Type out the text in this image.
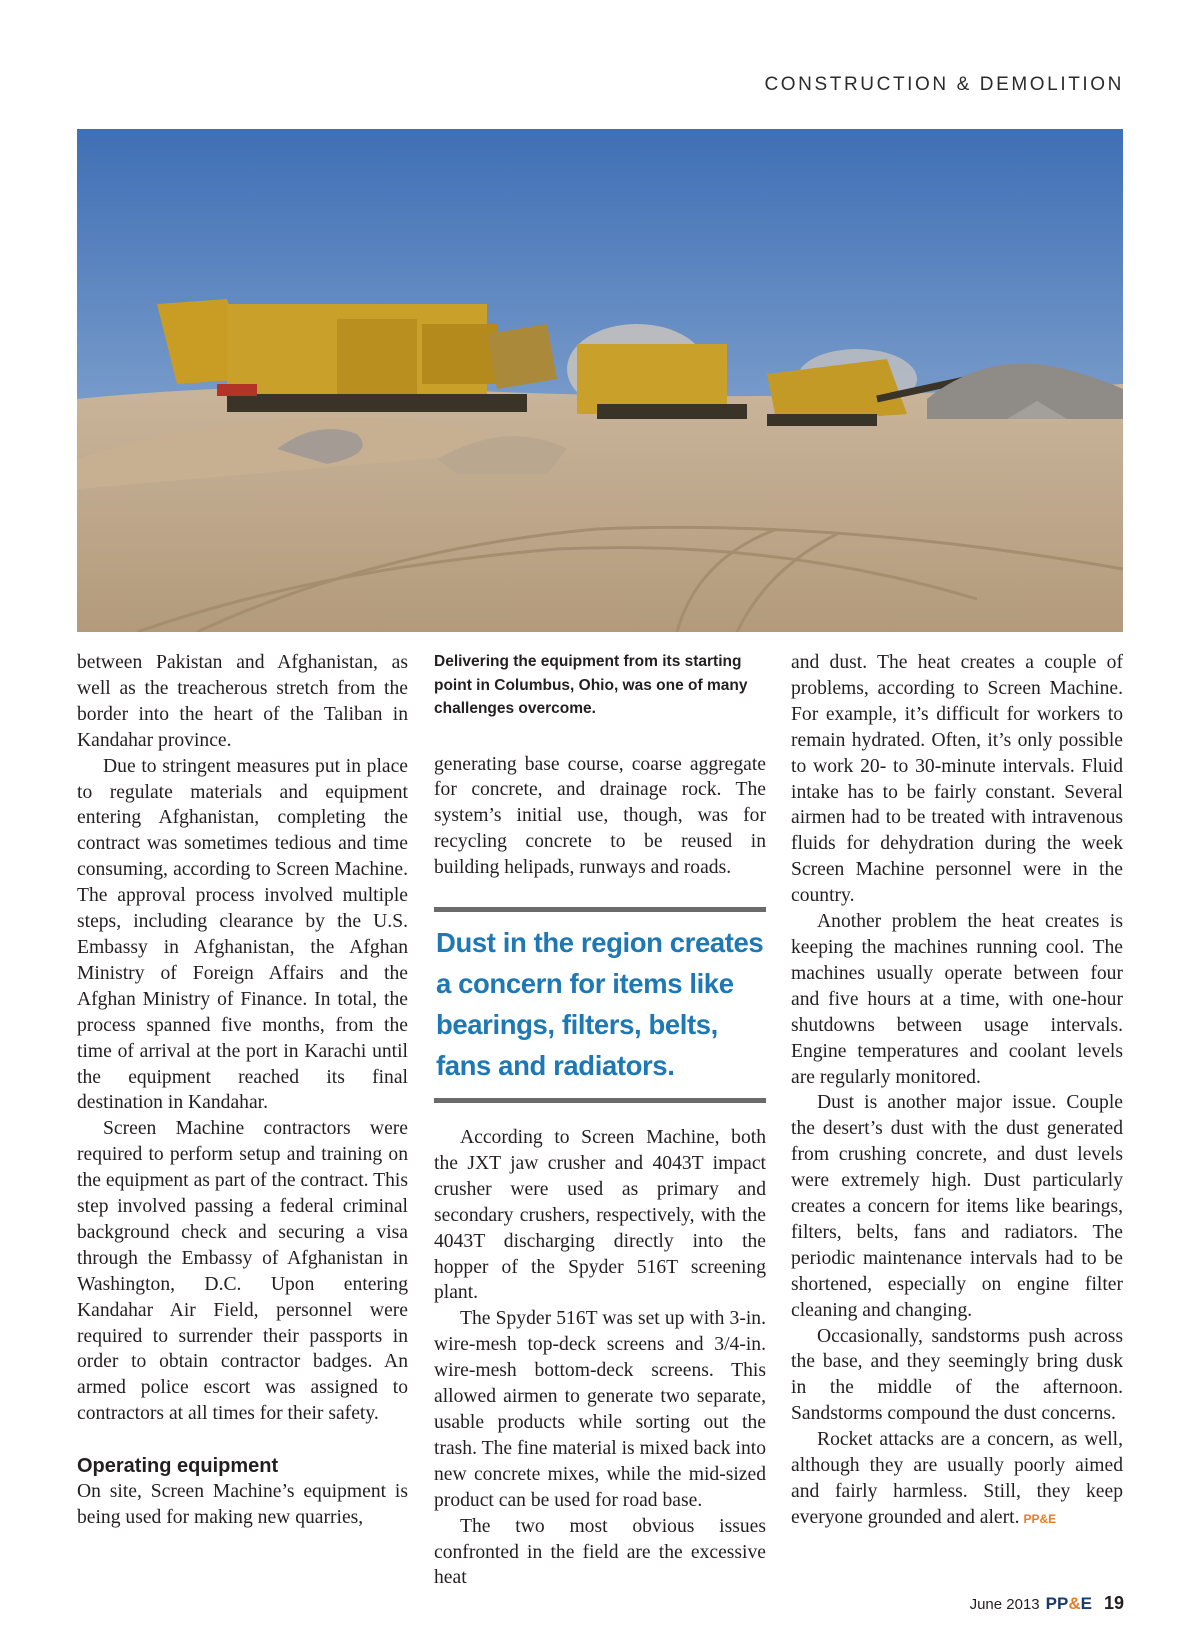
CONSTRUCTION & DEMOLITION

between Pakistan and Afghanistan, as well as the treacherous stretch from the border into the heart of the Taliban in Kandahar province.

Due to stringent measures put in place to regulate materials and equipment entering Afghanistan, completing the contract was sometimes tedious and time consuming, according to Screen Machine. The approval process involved multiple steps, including clearance by the U.S. Embassy in Afghanistan, the Afghan Ministry of Foreign Affairs and the Afghan Ministry of Finance. In total, the process spanned five months, from the time of arrival at the port in Karachi until the equipment reached its final destination in Kandahar.

Screen Machine contractors were required to perform setup and training on the equipment as part of the contract. This step involved passing a federal criminal background check and securing a visa through the Embassy of Afghanistan in Washington, D.C. Upon entering Kandahar Air Field, personnel were required to surrender their passports in order to obtain contractor badges. An armed police escort was assigned to contractors at all times for their safety.

Operating equipment

On site, Screen Machine’s equipment is being used for making new quarries,

Delivering the equipment from its starting point in Columbus, Ohio, was one of many challenges overcome.

generating base course, coarse aggregate for concrete, and drainage rock. The system’s initial use, though, was for recycling concrete to be reused in building helipads, runways and roads.

Dust in the region creates a concern for items like bearings, filters, belts, fans and radiators.

According to Screen Machine, both the JXT jaw crusher and 4043T impact crusher were used as primary and secondary crushers, respectively, with the 4043T discharging directly into the hopper of the Spyder 516T screening plant.

The Spyder 516T was set up with 3-in. wire-mesh top-deck screens and 3/4-in. wire-mesh bottom-deck screens. This allowed airmen to generate two separate, usable products while sorting out the trash. The fine material is mixed back into new concrete mixes, while the mid-sized product can be used for road base.

The two most obvious issues confronted in the field are the excessive heat

and dust. The heat creates a couple of problems, according to Screen Machine. For example, it’s difficult for workers to remain hydrated. Often, it’s only possible to work 20- to 30-minute intervals. Fluid intake has to be fairly constant. Several airmen had to be treated with intravenous fluids for dehydration during the week Screen Machine personnel were in the country.

Another problem the heat creates is keeping the machines running cool. The machines usually operate between four and five hours at a time, with one-hour shutdowns between usage intervals. Engine temperatures and coolant levels are regularly monitored.

Dust is another major issue. Couple the desert’s dust with the dust generated from crushing concrete, and dust levels were extremely high. Dust particularly creates a concern for items like bearings, filters, belts, fans and radiators. The periodic maintenance intervals had to be shortened, especially on engine filter cleaning and changing.

Occasionally, sandstorms push across the base, and they seemingly bring dusk in the middle of the afternoon. Sandstorms compound the dust concerns.

Rocket attacks are a concern, as well, although they are usually poorly aimed and fairly harmless. Still, they keep everyone grounded and alert. PP&E

June 2013 PP&E 19
